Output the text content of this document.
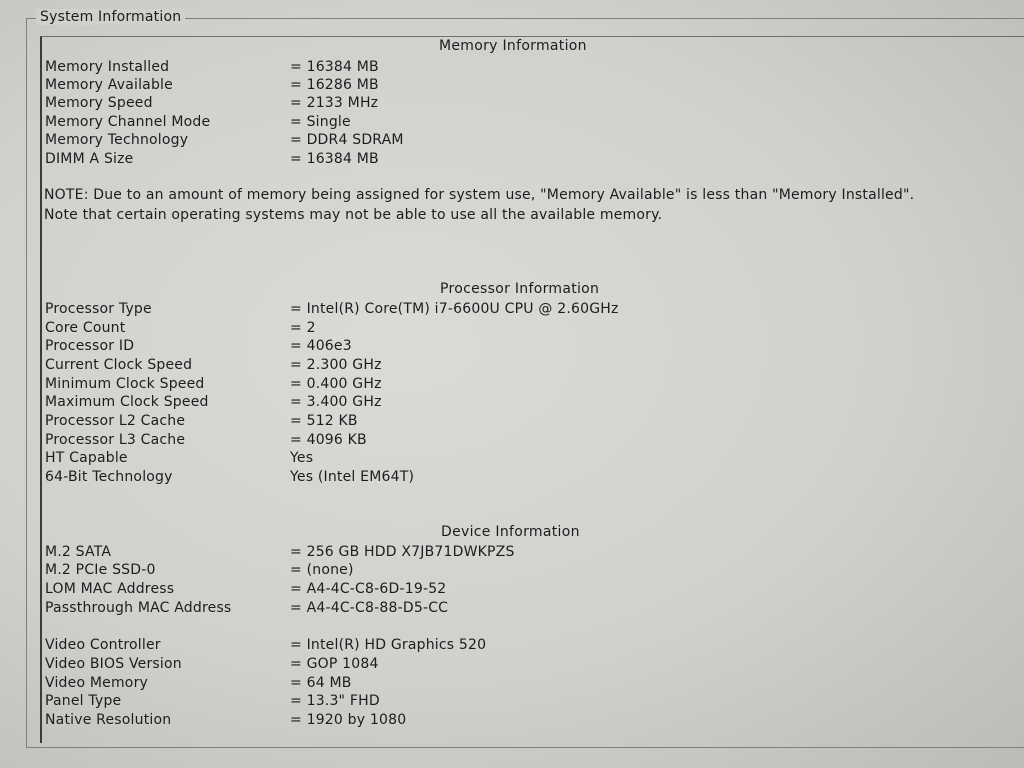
System Information
Memory Information
Memory Installed	= 16384 MB
Memory Available	= 16286 MB
Memory Speed	= 2133 MHz
Memory Channel Mode	= Single
Memory Technology	= DDR4 SDRAM
DIMM A Size	= 16384 MB
NOTE: Due to an amount of memory being assigned for system use, "Memory Available" is less than "Memory Installed". Note that certain operating systems may not be able to use all the available memory.
Processor Information
Processor Type	= Intel(R) Core(TM) i7-6600U CPU @ 2.60GHz
Core Count	= 2
Processor ID	= 406e3
Current Clock Speed	= 2.300 GHz
Minimum Clock Speed	= 0.400 GHz
Maximum Clock Speed	= 3.400 GHz
Processor L2 Cache	= 512 KB
Processor L3 Cache	= 4096 KB
HT Capable	Yes
64-Bit Technology	Yes (Intel EM64T)
Device Information
M.2 SATA	= 256 GB HDD X7JB71DWKPZS
M.2 PCIe SSD-0	= (none)
LOM MAC Address	= A4-4C-C8-6D-19-52
Passthrough MAC Address	= A4-4C-C8-88-D5-CC
Video Controller	= Intel(R) HD Graphics 520
Video BIOS Version	= GOP 1084
Video Memory	= 64 MB
Panel Type	= 13.3" FHD
Native Resolution	= 1920 by 1080
